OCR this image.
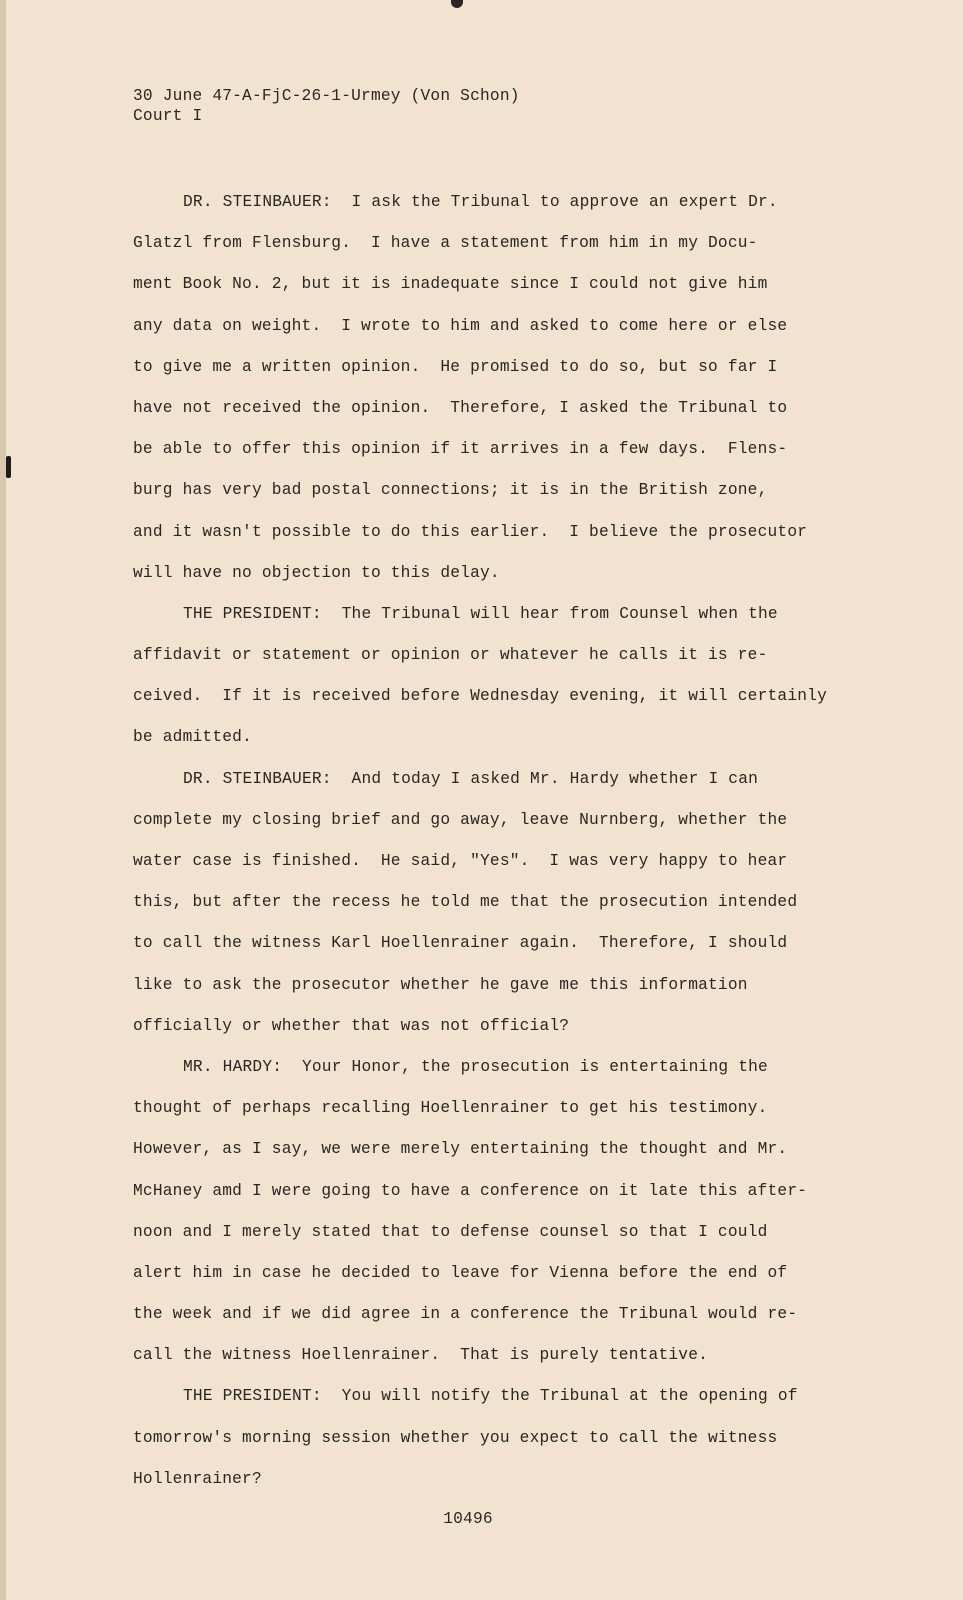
30 June 47-A-FjC-26-1-Urmey (Von Schon)
Court I
DR. STEINBAUER:  I ask the Tribunal to approve an expert Dr.
Glatzl from Flensburg.  I have a statement from him in my Docu-
ment Book No. 2, but it is inadequate since I could not give him
any data on weight.  I wrote to him and asked to come here or else
to give me a written opinion.  He promised to do so, but so far I
have not received the opinion.  Therefore, I asked the Tribunal to
be able to offer this opinion if it arrives in a few days.  Flens-
burg has very bad postal connections; it is in the British zone,
and it wasn't possible to do this earlier.  I believe the prosecutor
will have no objection to this delay.
THE PRESIDENT:  The Tribunal will hear from Counsel when the
affidavit or statement or opinion or whatever he calls it is re-
ceived.  If it is received before Wednesday evening, it will certainly
be admitted.
DR. STEINBAUER:  And today I asked Mr. Hardy whether I can
complete my closing brief and go away, leave Nurnberg, whether the
water case is finished.  He said, "Yes".  I was very happy to hear
this, but after the recess he told me that the prosecution intended
to call the witness Karl Hoellenrainer again.  Therefore, I should
like to ask the prosecutor whether he gave me this information
officially or whether that was not official?
MR. HARDY:  Your Honor, the prosecution is entertaining the
thought of perhaps recalling Hoellenrainer to get his testimony.
However, as I say, we were merely entertaining the thought and Mr.
McHaney amd I were going to have a conference on it late this after-
noon and I merely stated that to defense counsel so that I could
alert him in case he decided to leave for Vienna before the end of
the week and if we did agree in a conference the Tribunal would re-
call the witness Hoellenrainer.  That is purely tentative.
THE PRESIDENT:  You will notify the Tribunal at the opening of
tomorrow's morning session whether you expect to call the witness
Hollenrainer?
10496
